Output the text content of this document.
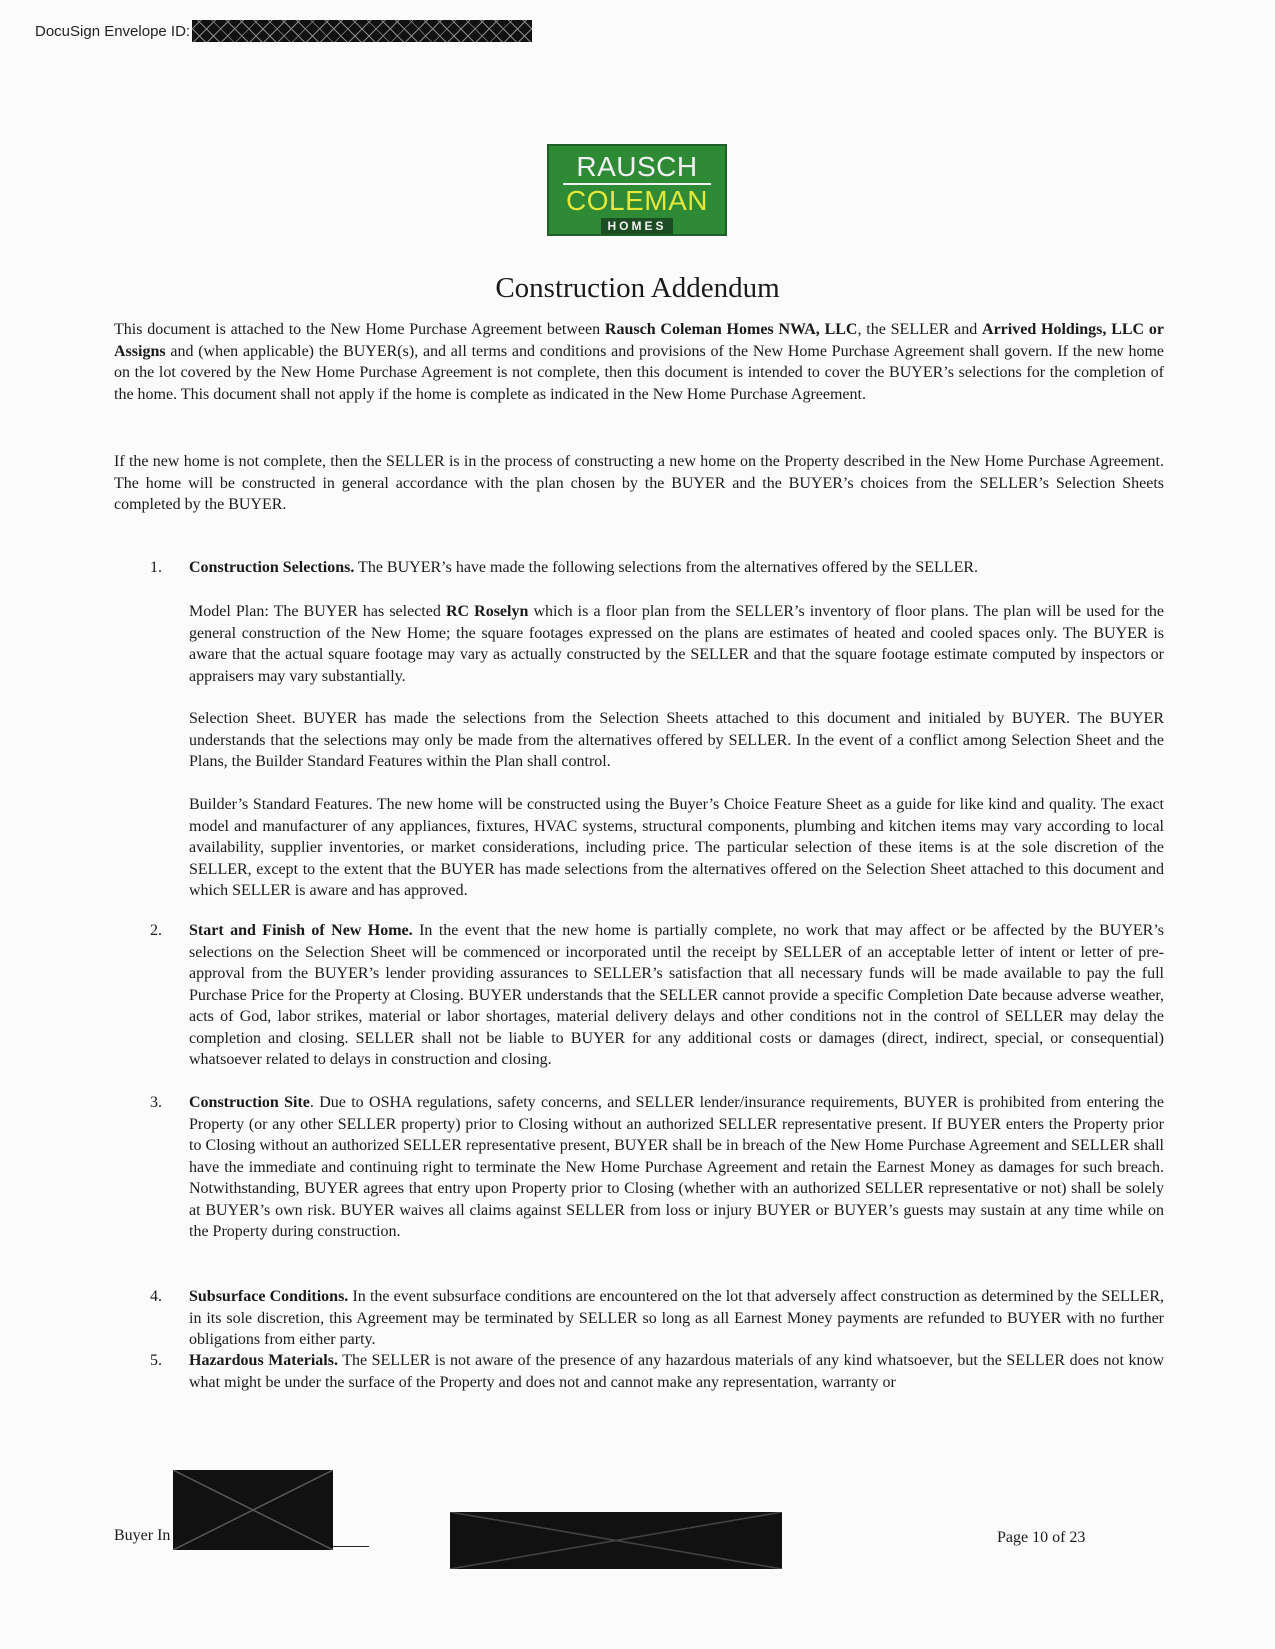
DocuSign Envelope ID:
RAUSCH
COLEMAN
HOMES
Construction Addendum
This document is attached to the New Home Purchase Agreement between Rausch Coleman Homes NWA, LLC, the SELLER and Arrived Holdings, LLC or Assigns and (when applicable) the BUYER(s), and all terms and conditions and provisions of the New Home Purchase Agreement shall govern. If the new home on the lot covered by the New Home Purchase Agreement is not complete, then this document is intended to cover the BUYER’s selections for the completion of the home. This document shall not apply if the home is complete as indicated in the New Home Purchase Agreement.
If the new home is not complete, then the SELLER is in the process of constructing a new home on the Property described in the New Home Purchase Agreement. The home will be constructed in general accordance with the plan chosen by the BUYER and the BUYER’s choices from the SELLER’s Selection Sheets completed by the BUYER.
1. Construction Selections. The BUYER’s have made the following selections from the alternatives offered by the SELLER.
Model Plan: The BUYER has selected RC Roselyn which is a floor plan from the SELLER’s inventory of floor plans. The plan will be used for the general construction of the New Home; the square footages expressed on the plans are estimates of heated and cooled spaces only. The BUYER is aware that the actual square footage may vary as actually constructed by the SELLER and that the square footage estimate computed by inspectors or appraisers may vary substantially.
Selection Sheet. BUYER has made the selections from the Selection Sheets attached to this document and initialed by BUYER. The BUYER understands that the selections may only be made from the alternatives offered by SELLER. In the event of a conflict among Selection Sheet and the Plans, the Builder Standard Features within the Plan shall control.
Builder’s Standard Features. The new home will be constructed using the Buyer’s Choice Feature Sheet as a guide for like kind and quality. The exact model and manufacturer of any appliances, fixtures, HVAC systems, structural components, plumbing and kitchen items may vary according to local availability, supplier inventories, or market considerations, including price. The particular selection of these items is at the sole discretion of the SELLER, except to the extent that the BUYER has made selections from the alternatives offered on the Selection Sheet attached to this document and which SELLER is aware and has approved.
2. Start and Finish of New Home. In the event that the new home is partially complete, no work that may affect or be affected by the BUYER’s selections on the Selection Sheet will be commenced or incorporated until the receipt by SELLER of an acceptable letter of intent or letter of pre-approval from the BUYER’s lender providing assurances to SELLER’s satisfaction that all necessary funds will be made available to pay the full Purchase Price for the Property at Closing. BUYER understands that the SELLER cannot provide a specific Completion Date because adverse weather, acts of God, labor strikes, material or labor shortages, material delivery delays and other conditions not in the control of SELLER may delay the completion and closing. SELLER shall not be liable to BUYER for any additional costs or damages (direct, indirect, special, or consequential) whatsoever related to delays in construction and closing.
3. Construction Site. Due to OSHA regulations, safety concerns, and SELLER lender/insurance requirements, BUYER is prohibited from entering the Property (or any other SELLER property) prior to Closing without an authorized SELLER representative present. If BUYER enters the Property prior to Closing without an authorized SELLER representative present, BUYER shall be in breach of the New Home Purchase Agreement and SELLER shall have the immediate and continuing right to terminate the New Home Purchase Agreement and retain the Earnest Money as damages for such breach. Notwithstanding, BUYER agrees that entry upon Property prior to Closing (whether with an authorized SELLER representative or not) shall be solely at BUYER’s own risk. BUYER waives all claims against SELLER from loss or injury BUYER or BUYER’s guests may sustain at any time while on the Property during construction.
4. Subsurface Conditions. In the event subsurface conditions are encountered on the lot that adversely affect construction as determined by the SELLER, in its sole discretion, this Agreement may be terminated by SELLER so long as all Earnest Money payments are refunded to BUYER with no further obligations from either party.
5. Hazardous Materials. The SELLER is not aware of the presence of any hazardous materials of any kind whatsoever, but the SELLER does not know what might be under the surface of the Property and does not and cannot make any representation, warranty or
Buyer In	Page 10 of 23
